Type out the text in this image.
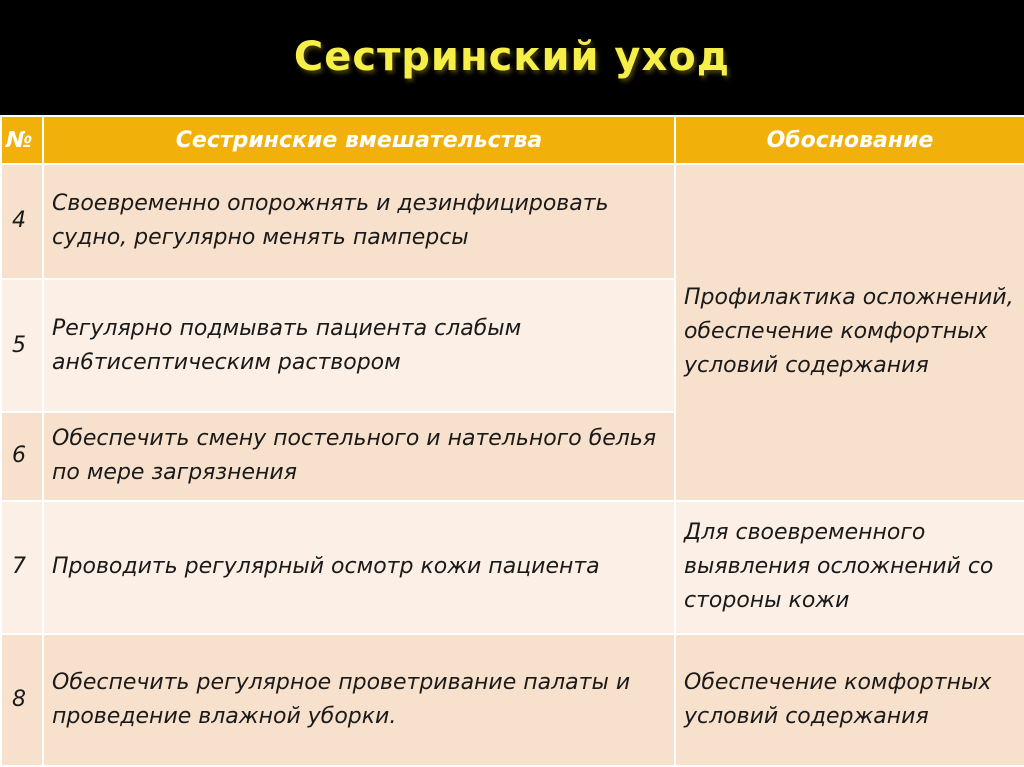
Сестринский уход
№	Сестринские вмешательства	Обоснование
4	Своевременно опорожнять и дезинфицировать судно, регулярно менять памперсы	Профилактика осложнений, обеспечение комфортных условий содержания
5	Регулярно подмывать пациента слабым ан6тисептическим раствором	
6	Обеспечить смену постельного и нательного белья по мере загрязнения	
7	Проводить регулярный осмотр кожи пациента	Для своевременного выявления осложнений со стороны кожи
8	Обеспечить регулярное проветривание палаты и проведение влажной уборки.	Обеспечение комфортных условий содержания
